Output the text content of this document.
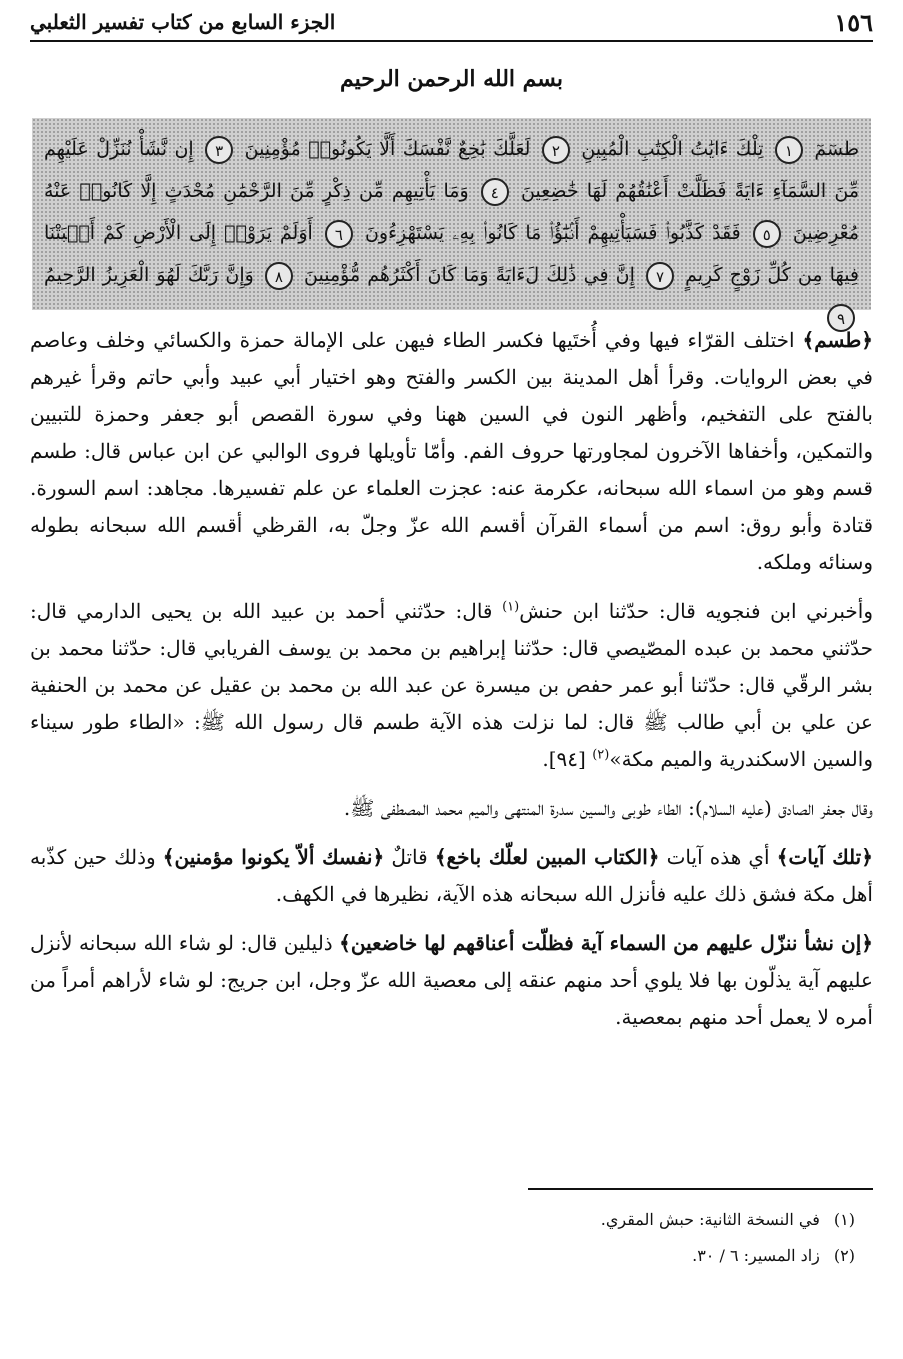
١٥٦
الجزء السابع من كتاب تفسير الثعلبي
بسم الله الرحمن الرحيم
طسٓمٓ ١ تِلْكَ ءَايَٰتُ الْكِتَٰبِ الْمُبِينِ ٢ لَعَلَّكَ بَٰخِعٌ نَّفْسَكَ أَلَّا يَكُونُوا۟ مُؤْمِنِينَ ٣ إِن نَّشَأْ نُنَزِّلْ عَلَيْهِم مِّنَ السَّمَآءِ ءَايَةً فَظَلَّتْ أَعْنَٰقُهُمْ لَهَا خَٰضِعِينَ ٤ وَمَا يَأْتِيهِم مِّن ذِكْرٍ مِّنَ الرَّحْمَٰنِ مُحْدَثٍ إِلَّا كَانُوا۟ عَنْهُ مُعْرِضِينَ ٥ فَقَدْ كَذَّبُوا۟ فَسَيَأْتِيهِمْ أَنۢبَٰٓؤُا۟ مَا كَانُوا۟ بِهِۦ يَسْتَهْزِءُونَ ٦ أَوَلَمْ يَرَوْا۟ إِلَى الْأَرْضِ كَمْ أَنۢبَتْنَا فِيهَا مِن كُلِّ زَوْجٍ كَرِيمٍ ٧ إِنَّ فِي ذَٰلِكَ لَءَايَةً وَمَا كَانَ أَكْثَرُهُم مُّؤْمِنِينَ ٨ وَإِنَّ رَبَّكَ لَهُوَ الْعَزِيزُ الرَّحِيمُ ٩

﴿طسم﴾ اختلف القرّاء فيها وفي أُختَيها فكسر الطاء فيهن على الإمالة حمزة والكسائي وخلف وعاصم في بعض الروايات. وقرأ أهل المدينة بين الكسر والفتح وهو اختيار أبي عبيد وأبي حاتم وقرأ غيرهم بالفتح على التفخيم، وأظهر النون في السين ههنا وفي سورة القصص أبو جعفر وحمزة للتبيين والتمكين، وأخفاها الآخرون لمجاورتها حروف الفم. وأمّا تأويلها فروى الوالبي عن ابن عباس قال: طسم قسم وهو من اسماء الله سبحانه، عكرمة عنه: عجزت العلماء عن علم تفسيرها. مجاهد: اسم السورة. قتادة وأبو روق: اسم من أسماء القرآن أقسم الله عزّ وجلّ به، القرظي أقسم الله سبحانه بطوله وسنائه وملكه.

وأخبرني ابن فنجويه قال: حدّثنا ابن حنش$^{(١)}$ قال: حدّثني أحمد بن عبيد الله بن يحيى الدارمي قال: حدّثني محمد بن عبده المصّيصي قال: حدّثنا إبراهيم بن محمد بن يوسف الفريابي قال: حدّثنا محمد بن بشر الرقّي قال: حدّثنا أبو عمر حفص بن ميسرة عن عبد الله بن محمد بن عقيل عن محمد بن الحنفية عن علي بن أبي طالب ﷺ قال: لما نزلت هذه الآية طسم قال رسول الله ﷺ: «الطاء طور سيناء والسين الاسكندرية والميم مكة»$^{(٢)}$ [٩٤].

وقال جعفر الصادق (عليه السلام): الطاء طوبى والسين سدرة المنتهى والميم محمد المصطفى ﷺ.

﴿تلك آيات﴾ أي هذه آيات ﴿الكتاب المبين لعلّك باخع﴾ قاتلٌ ﴿نفسك ألاّ يكونوا مؤمنين﴾ وذلك حين كذّبه أهل مكة فشق ذلك عليه فأنزل الله سبحانه هذه الآية، نظيرها في الكهف.

﴿إن نشأ ننزّل عليهم من السماء آية فظلّت أعناقهم لها خاضعين﴾ ذليلين قال: لو شاء الله سبحانه لأنزل عليهم آية يذلّون بها فلا يلوي أحد منهم عنقه إلى معصية الله عزّ وجل، ابن جريج: لو شاء لأراهم أمراً من أمره لا يعمل أحد منهم بمعصية.

(١)
في النسخة الثانية: حبش المقري.
(٢)
زاد المسير: ٦ / ٣٠.
